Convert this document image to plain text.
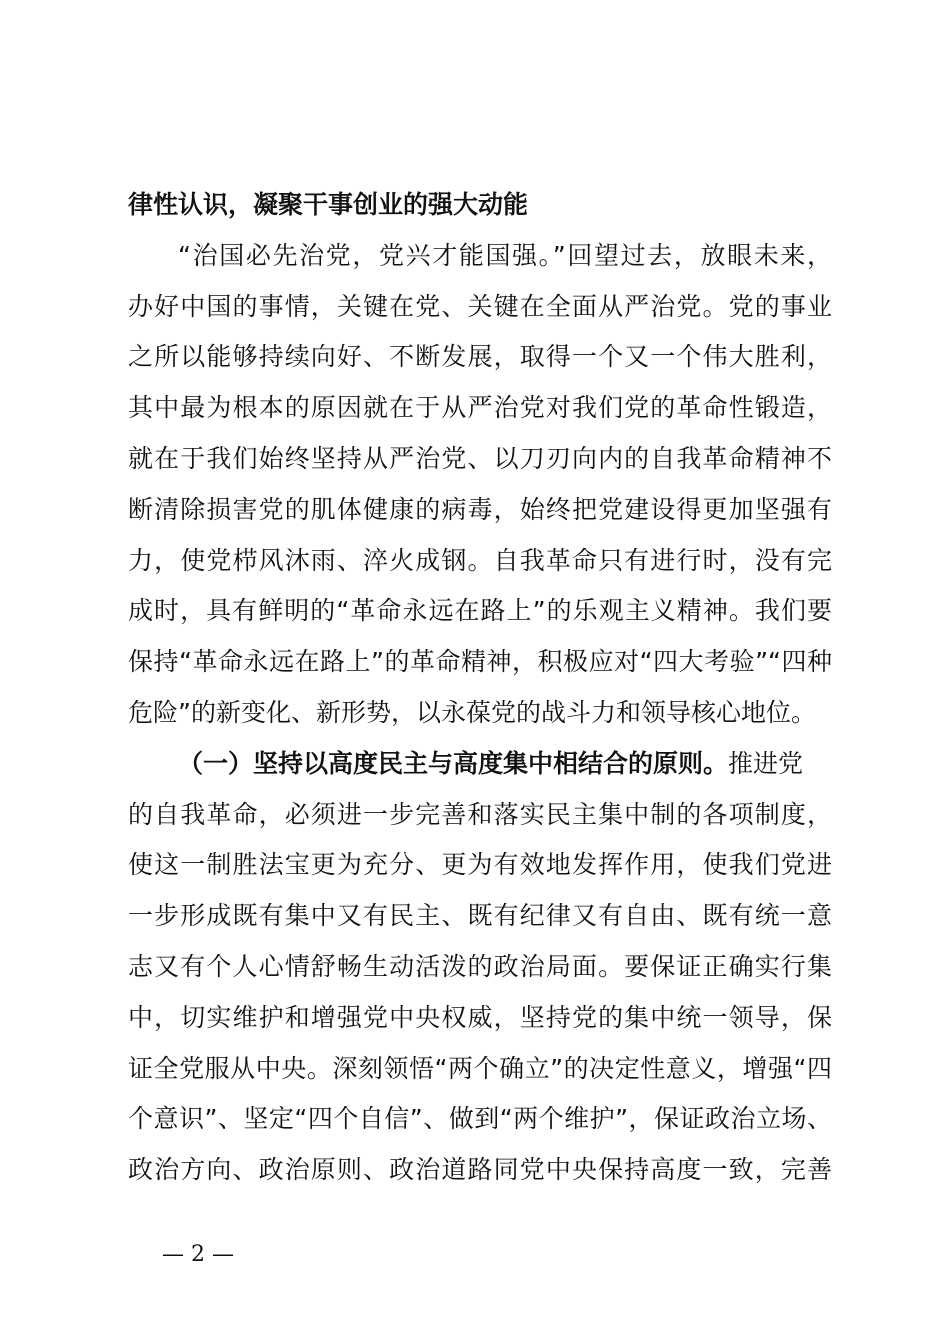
律性认识，凝聚干事创业的强大动能
“治国必先治党，党兴才能国强。”回望过去，放眼未来，
办好中国的事情，关键在党、关键在全面从严治党。党的事业
之所以能够持续向好、不断发展，取得一个又一个伟大胜利，
其中最为根本的原因就在于从严治党对我们党的革命性锻造，
就在于我们始终坚持从严治党、以刀刃向内的自我革命精神不
断清除损害党的肌体健康的病毒，始终把党建设得更加坚强有
力，使党栉风沐雨、淬火成钢。自我革命只有进行时，没有完
成时，具有鲜明的“革命永远在路上”的乐观主义精神。我们要
保持“革命永远在路上”的革命精神，积极应对“四大考验”“四种
危险”的新变化、新形势，以永葆党的战斗力和领导核心地位。
（一）坚持以高度民主与高度集中相结合的原则。推进党
的自我革命，必须进一步完善和落实民主集中制的各项制度，
使这一制胜法宝更为充分、更为有效地发挥作用，使我们党进
一步形成既有集中又有民主、既有纪律又有自由、既有统一意
志又有个人心情舒畅生动活泼的政治局面。要保证正确实行集
中，切实维护和增强党中央权威，坚持党的集中统一领导，保
证全党服从中央。深刻领悟“两个确立”的决定性意义，增强“四
个意识”、坚定“四个自信”、做到“两个维护”，保证政治立场、
政治方向、政治原则、政治道路同党中央保持高度一致，完善
— 2 —
